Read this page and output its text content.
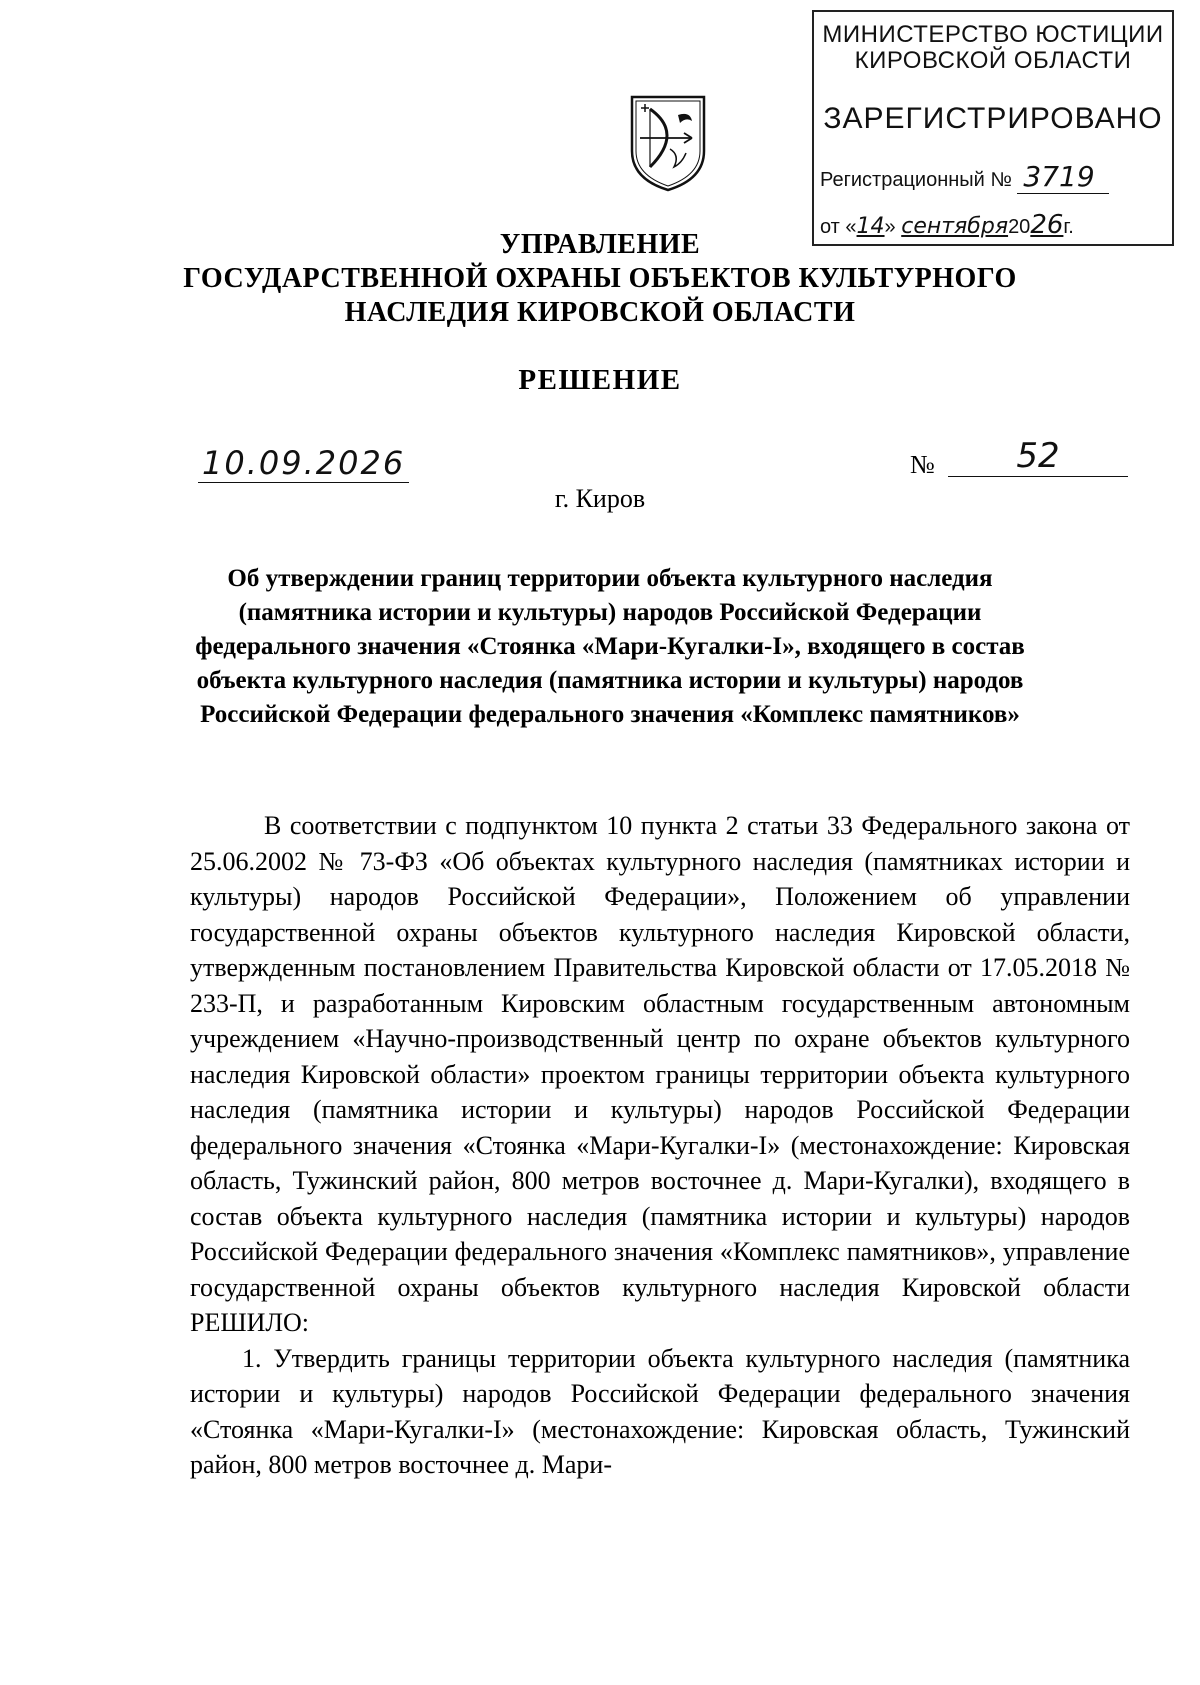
МИНИСТЕРСТВО ЮСТИЦИИ
КИРОВСКОЙ ОБЛАСТИ
ЗАРЕГИСТРИРОВАНО
Регистрационный № 3719
от «14» сентября2026г.
УПРАВЛЕНИЕ
ГОСУДАРСТВЕННОЙ ОХРАНЫ ОБЪЕКТОВ КУЛЬТУРНОГО
НАСЛЕДИЯ КИРОВСКОЙ ОБЛАСТИ
РЕШЕНИЕ
10.09.2026	№	52
г. Киров
Об утверждении границ территории объекта культурного наследия (памятника истории и культуры) народов Российской Федерации федерального значения «Стоянка «Мари-Кугалки-I», входящего в состав объекта культурного наследия (памятника истории и культуры) народов Российской Федерации федерального значения «Комплекс памятников»

В соответствии с подпунктом 10 пункта 2 статьи 33 Федерального закона от 25.06.2002 № 73-ФЗ «Об объектах культурного наследия (памятниках истории и культуры) народов Российской Федерации», Положением об управлении государственной охраны объектов культурного наследия Кировской области, утвержденным постановлением Правительства Кировской области от 17.05.2018 № 233-П, и разработанным Кировским областным государственным автономным учреждением «Научно-производственный центр по охране объектов культурного наследия Кировской области» проектом границы территории объекта культурного наследия (памятника истории и культуры) народов Российской Федерации федерального значения «Стоянка «Мари-Кугалки-I» (местонахождение: Кировская область, Тужинский район, 800 метров восточнее д. Мари-Кугалки), входящего в состав объекта культурного наследия (памятника истории и культуры) народов Российской Федерации федерального значения «Комплекс памятников», управление государственной охраны объектов культурного наследия Кировской области РЕШИЛО:

1. Утвердить границы территории объекта культурного наследия (памятника истории и культуры) народов Российской Федерации федерального значения «Стоянка «Мари-Кугалки-I» (местонахождение: Кировская область, Тужинский район, 800 метров восточнее д. Мари-
